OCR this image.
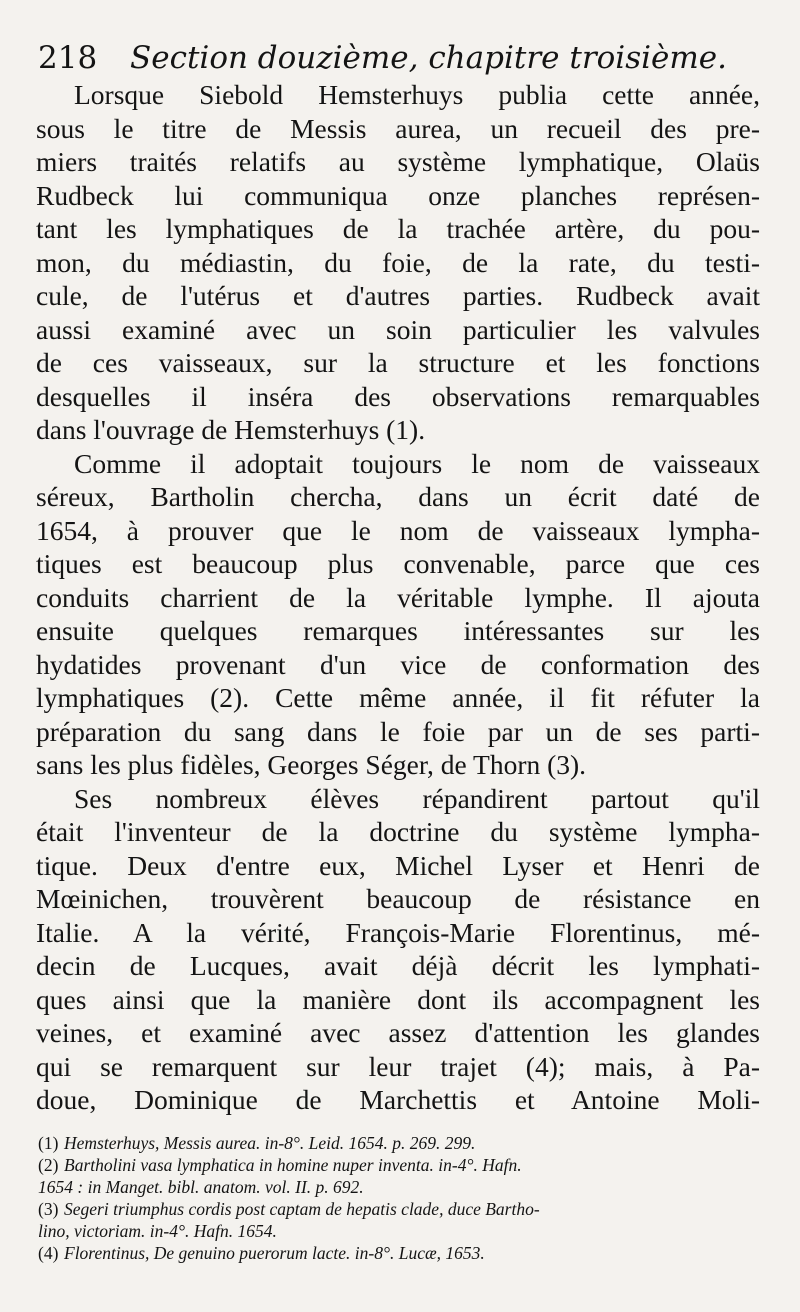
218 Section douzième, chapitre troisième.
Lorsque Siebold Hemsterhuys publia cette année,
sous le titre de Messis aurea, un recueil des pre-
miers traités relatifs au système lymphatique, Olaüs
Rudbeck lui communiqua onze planches représen-
tant les lymphatiques de la trachée artère, du pou-
mon, du médiastin, du foie, de la rate, du testi-
cule, de l'utérus et d'autres parties. Rudbeck avait
aussi examiné avec un soin particulier les valvules
de ces vaisseaux, sur la structure et les fonctions
desquelles il inséra des observations remarquables
dans l'ouvrage de Hemsterhuys (1).
Comme il adoptait toujours le nom de vaisseaux
séreux, Bartholin chercha, dans un écrit daté de
1654, à prouver que le nom de vaisseaux lympha-
tiques est beaucoup plus convenable, parce que ces
conduits charrient de la véritable lymphe. Il ajouta
ensuite quelques remarques intéressantes sur les
hydatides provenant d'un vice de conformation des
lymphatiques (2). Cette même année, il fit réfuter la
préparation du sang dans le foie par un de ses parti-
sans les plus fidèles, Georges Séger, de Thorn (3).
Ses nombreux élèves répandirent partout qu'il
était l'inventeur de la doctrine du système lympha-
tique. Deux d'entre eux, Michel Lyser et Henri de
Mœinichen, trouvèrent beaucoup de résistance en
Italie. A la vérité, François-Marie Florentinus, mé-
decin de Lucques, avait déjà décrit les lymphati-
ques ainsi que la manière dont ils accompagnent les
veines, et examiné avec assez d'attention les glandes
qui se remarquent sur leur trajet (4); mais, à Pa-
doue, Dominique de Marchettis et Antoine Moli-
(1) Hemsterhuys, Messis aurea. in-8°. Leid. 1654. p. 269. 299.
(2) Bartholini vasa lymphatica in homine nuper inventa. in-4°. Hafn.
1654 : in Manget. bibl. anatom. vol. II. p. 692.
(3) Segeri triumphus cordis post captam de hepatis clade, duce Bartho-
lino, victoriam. in-4°. Hafn. 1654.
(4) Florentinus, De genuino puerorum lacte. in-8°. Lucæ, 1653.
